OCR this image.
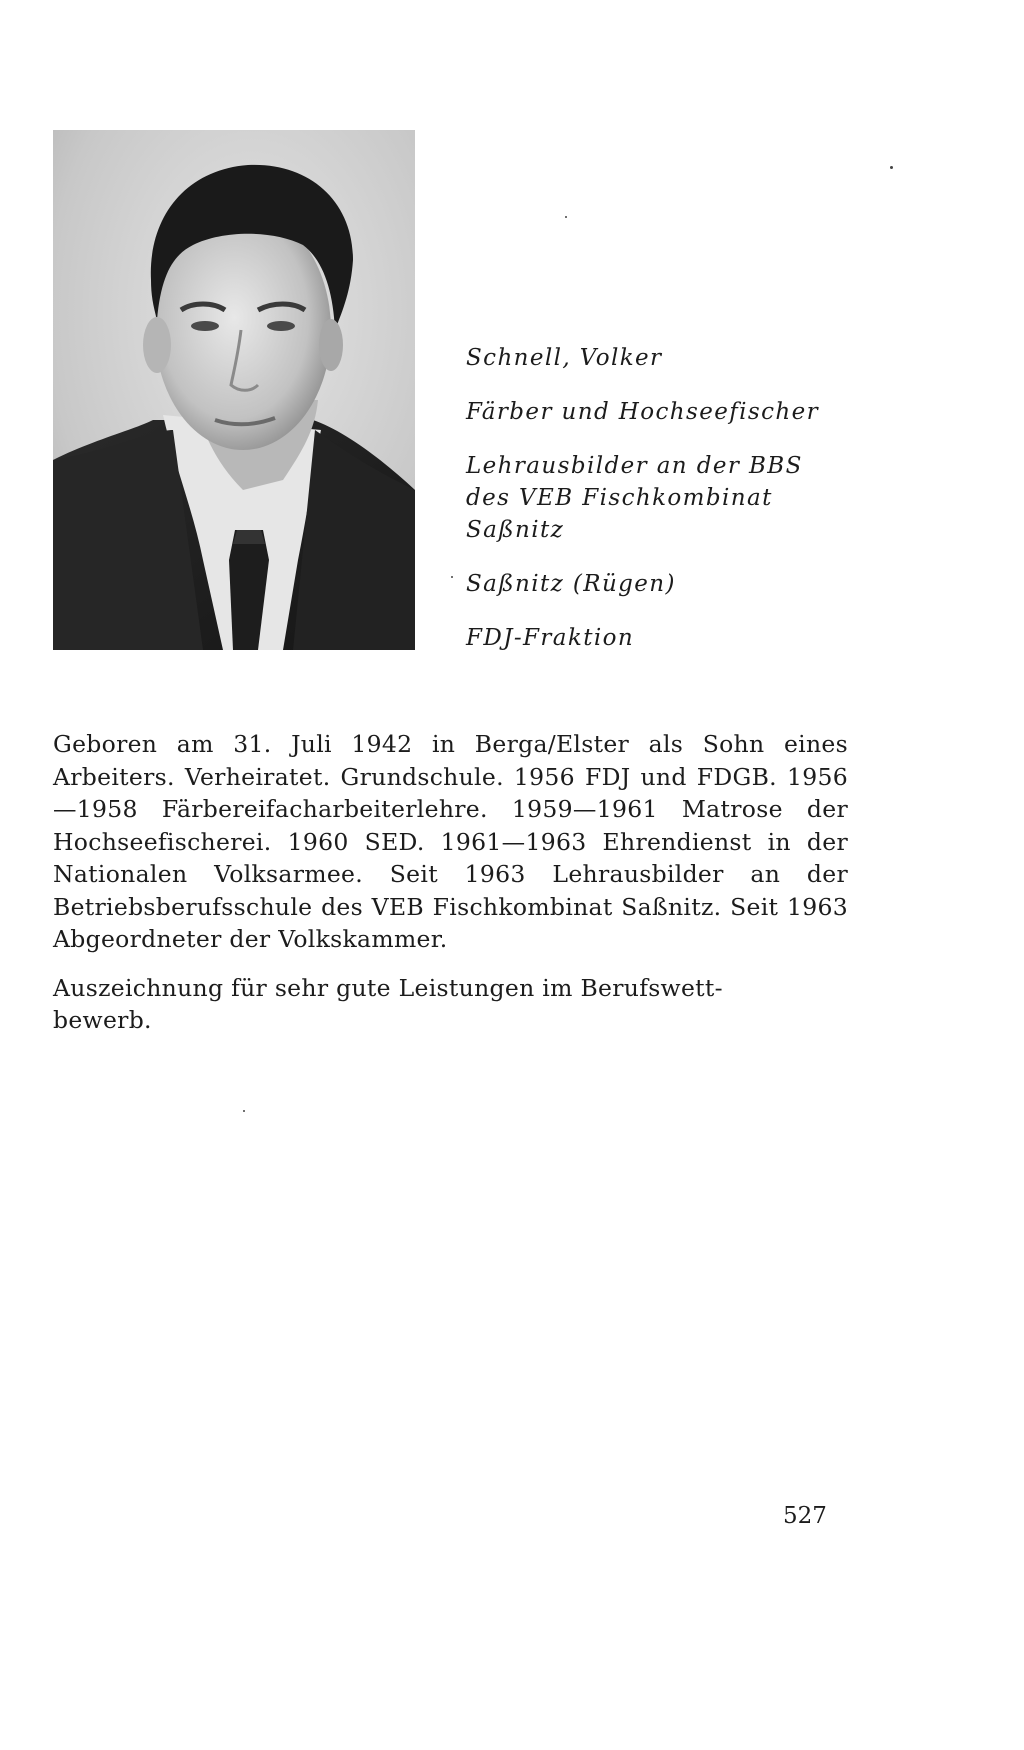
Schnell, Volker
Färber und Hochseefischer
Lehrausbilder an der BBS
des VEB Fischkombinat
Saßnitz
Saßnitz (Rügen)
FDJ-Fraktion

Geboren am 31. Juli 1942 in Berga/Elster als Sohn eines Arbeiters. Verheiratet. Grundschule. 1956 FDJ und FDGB. 1956—1958 Färbereifacharbeiterlehre. 1959—1961 Matrose der Hochseefischerei. 1960 SED. 1961—1963 Ehrendienst in der Nationalen Volksarmee. Seit 1963 Lehrausbilder an der Betriebsberufsschule des VEB Fischkombinat Saßnitz. Seit 1963 Abgeordneter der Volkskammer.

Auszeichnung für sehr gute Leistungen im Berufswett-
bewerb.

527
